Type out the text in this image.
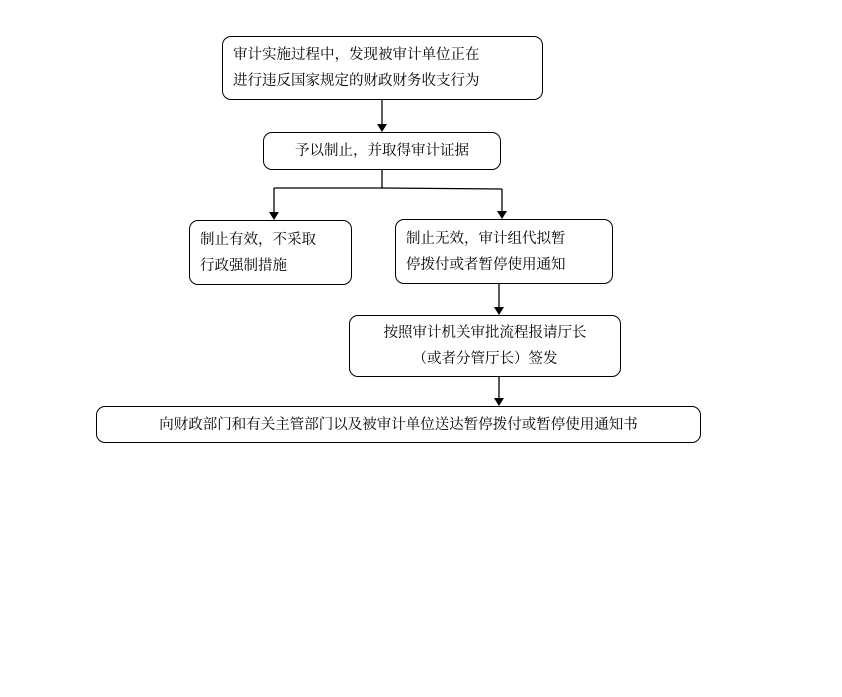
审计实施过程中，发现被审计单位正在
进行违反国家规定的财政财务收支行为
予以制止，并取得审计证据
制止有效，不采取
行政强制措施
制止无效，审计组代拟暂
停拨付或者暂停使用通知
按照审计机关审批流程报请厅长
（或者分管厅长）签发
向财政部门和有关主管部门以及被审计单位送达暂停拨付或暂停使用通知书
